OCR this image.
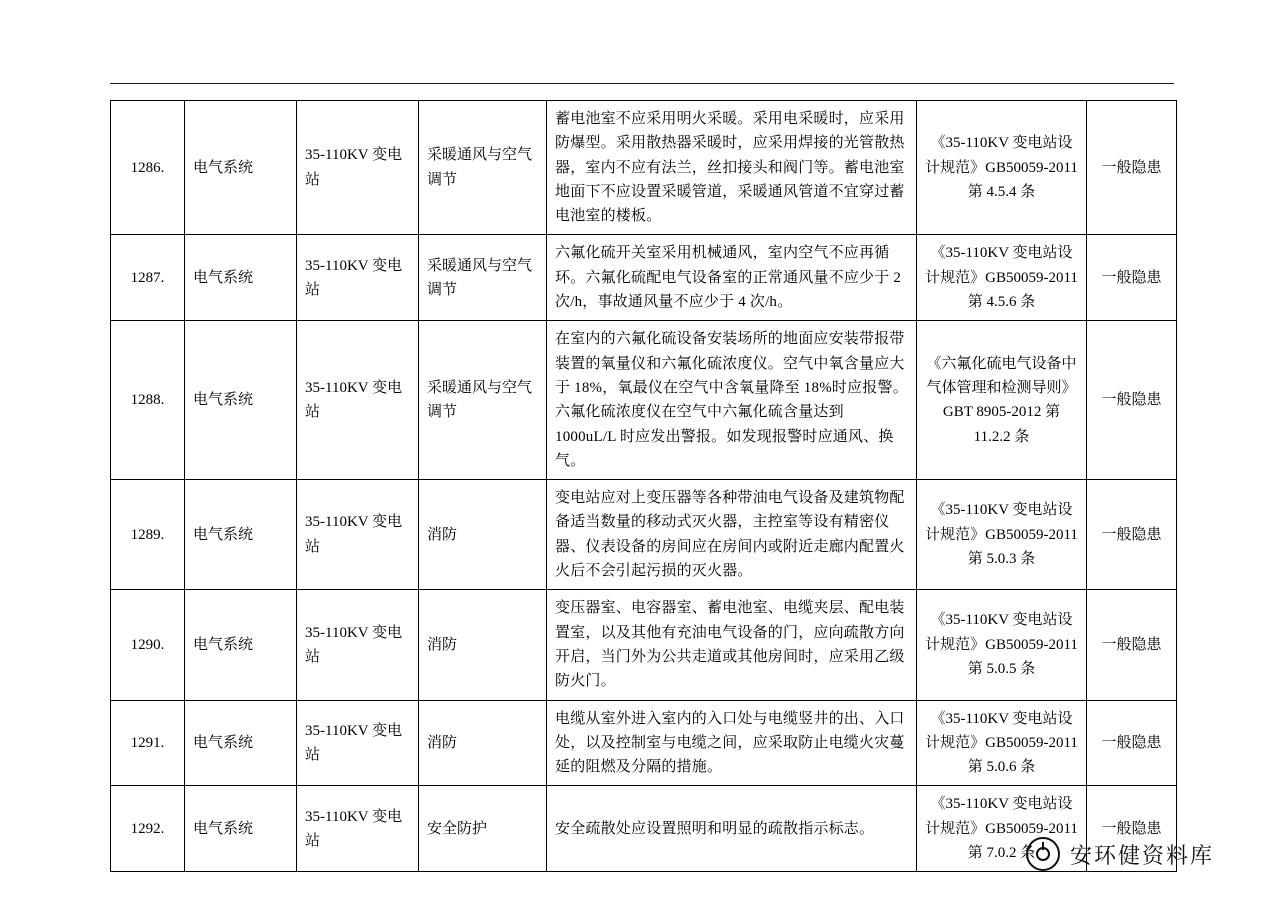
1286.	电气系统	35-110KV 变电站	采暖通风与空气调节	蓄电池室不应采用明火采暖。采用电采暖时，应采用防爆型。采用散热器采暖时，应采用焊接的光管散热器，室内不应有法兰，丝扣接头和阀门等。蓄电池室地面下不应设置采暖管道，采暖通风管道不宜穿过蓄电池室的楼板。	《35-110KV 变电站设计规范》GB50059-2011 第 4.5.4 条	一般隐患
1287.	电气系统	35-110KV 变电站	采暖通风与空气调节	六氟化硫开关室采用机械通风，室内空气不应再循环。六氟化硫配电气设备室的正常通风量不应少于 2 次/h，事故通风量不应少于 4 次/h。	《35-110KV 变电站设计规范》GB50059-2011 第 4.5.6 条	一般隐患
1288.	电气系统	35-110KV 变电站	采暖通风与空气调节	在室内的六氟化硫设备安装场所的地面应安装带报带装置的氧量仪和六氟化硫浓度仪。空气中氧含量应大于 18%，氧最仪在空气中含氧量降至 18%时应报警。六氟化硫浓度仪在空气中六氟化硫含量达到 1000uL/L 时应发出警报。如发现报警时应通风、换气。	《六氟化硫电气设备中气体管理和检测导则》GBT 8905-2012 第 11.2.2 条	一般隐患
1289.	电气系统	35-110KV 变电站	消防	变电站应对上变压器等各种带油电气设备及建筑物配备适当数量的移动式灭火器，主控室等设有精密仪器、仪表设备的房间应在房间内或附近走廊内配置火火后不会引起污损的灭火器。	《35-110KV 变电站设计规范》GB50059-2011 第 5.0.3 条	一般隐患
1290.	电气系统	35-110KV 变电站	消防	变压器室、电容器室、蓄电池室、电缆夹层、配电装置室，以及其他有充油电气设备的门，应向疏散方向开启，当门外为公共走道或其他房间时，应采用乙级防火门。	《35-110KV 变电站设计规范》GB50059-2011 第 5.0.5 条	一般隐患
1291.	电气系统	35-110KV 变电站	消防	电缆从室外进入室内的入口处与电缆竖井的出、入口处，以及控制室与电缆之间，应采取防止电缆火灾蔓延的阻燃及分隔的措施。	《35-110KV 变电站设计规范》GB50059-2011 第 5.0.6 条	一般隐患
1292.	电气系统	35-110KV 变电站	安全防护	安全疏散处应设置照明和明显的疏散指示标志。	《35-110KV 变电站设计规范》GB50059-2011 第 7.0.2 条	一般隐患
安环健资料库
